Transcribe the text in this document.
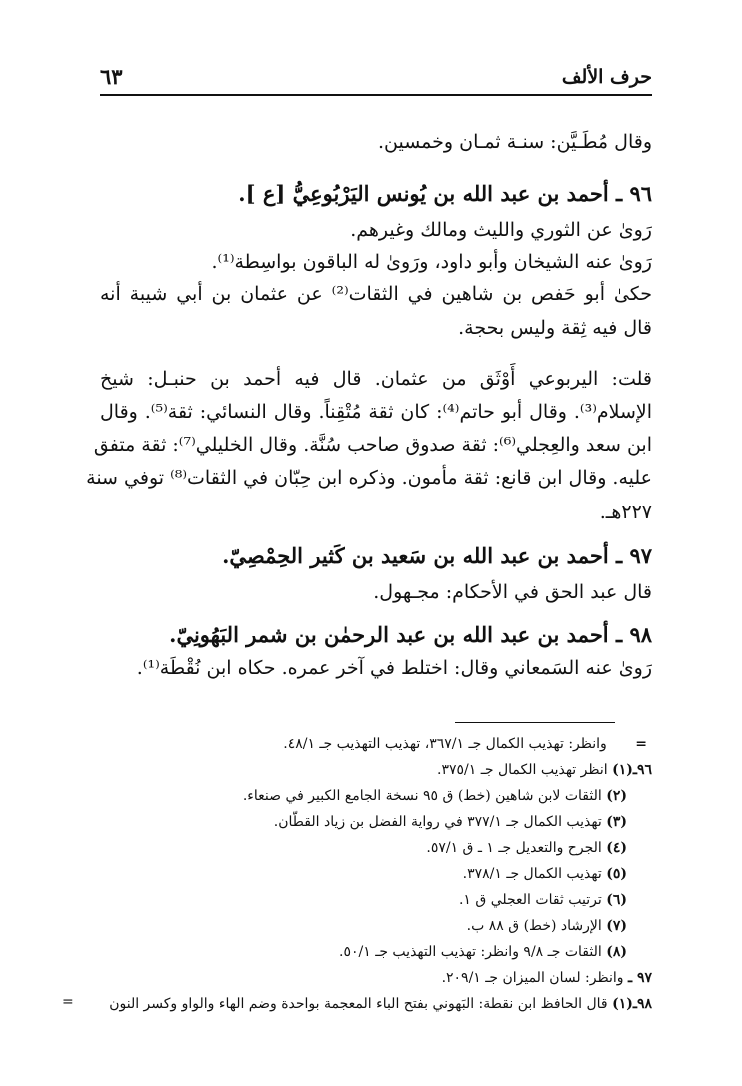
حرف الألف
٦٣
وقال مُطَـيَّن: سنـة ثمـان وخمسين.
٩٦ ـ أحمد بن عبد الله بن يُونس اليَرْبُوعِيُّ [ع ].
رَوىٰ عن الثوري والليث ومالك وغيرهم.
رَوىٰ عنه الشيخان وأبو داود، ورَوىٰ له الباقون بواسِطة⁽¹⁾.
حكىٰ أبو حَفص بن شاهين في الثقات⁽²⁾ عن عثمان بن أبي شيبة أنه
قال فيه ثِقة وليس بحجة.
قلت: اليربوعي أَوْثَق من عثمان. قال فيه أحمد بن حنبـل: شيخ
الإسلام⁽³⁾. وقال أبو حاتم⁽⁴⁾: كان ثقة مُتْقِناً. وقال النسائي: ثقة⁽⁵⁾. وقال
ابن سعد والعِجلي⁽⁶⁾: ثقة صدوق صاحب سُنَّة. وقال الخليلي⁽⁷⁾: ثقة متفق
عليه. وقال ابن قانع: ثقة مأمون. وذكره ابن حِبّان في الثقات⁽⁸⁾ توفي سنة
٢٢٧هـ.
٩٧ ـ أحمد بن عبد الله بن سَعيد بن كَثير الحِمْصِيّ.
قال عبد الحق في الأحكام: مجـهول.
٩٨ ـ أحمد بن عبد الله بن عبد الرحمٰن بن شمر البَهُونِيّ.
رَوىٰ عنه السَمعاني وقال: اختلط في آخر عمره. حكاه ابن نُقْطَة⁽¹⁾.
= وانظر: تهذيب الكمال جـ ٣٦٧/١، تهذيب التهذيب جـ ٤٨/١.
٩٦ـ(١) انظر تهذيب الكمال جـ ٣٧٥/١.
(٢) الثقات لابن شاهين (خط) ق ٩٥ نسخة الجامع الكبير في صنعاء.
(٣) تهذيب الكمال جـ ٣٧٧/١ في رواية الفضل بن زياد القطّان.
(٤) الجرح والتعديل جـ ١ ـ ق ٥٧/١.
(٥) تهذيب الكمال جـ ٣٧٨/١.
(٦) ترتيب ثقات العجلي ق ١.
(٧) الإرشاد (خط) ق ٨٨ ب.
(٨) الثقات جـ ٩/٨ وانظر: تهذيب التهذيب جـ ٥٠/١.
٩٧ ـ وانظر: لسان الميزان جـ ٢٠٩/١.
٩٨ـ(١) قال الحافظ ابن نقطة: البَهوني بفتح الباء المعجمة بواحدة وضم الهاء والواو وكسر النون
=
